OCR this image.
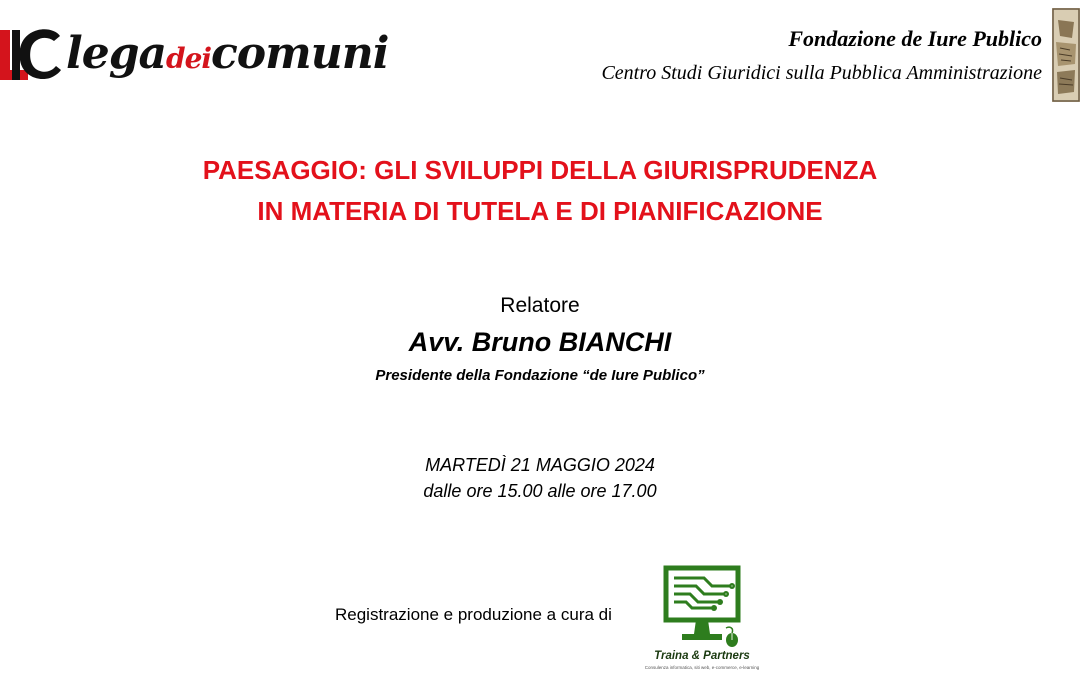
legadeicomuni	Fondazione de Iure Publico
Centro Studi Giuridici sulla Pubblica Amministrazione
PAESAGGIO: GLI SVILUPPI DELLA GIURISPRUDENZA
IN MATERIA DI TUTELA E DI PIANIFICAZIONE
Relatore
Avv. Bruno BIANCHI
Presidente della Fondazione “de Iure Publico”
MARTEDÌ 21 MAGGIO 2024
dalle ore 15.00 alle ore 17.00
Registrazione e produzione a cura di
Traina & Partners
Consulenza informatica, siti web, e-commerce, e-learning
